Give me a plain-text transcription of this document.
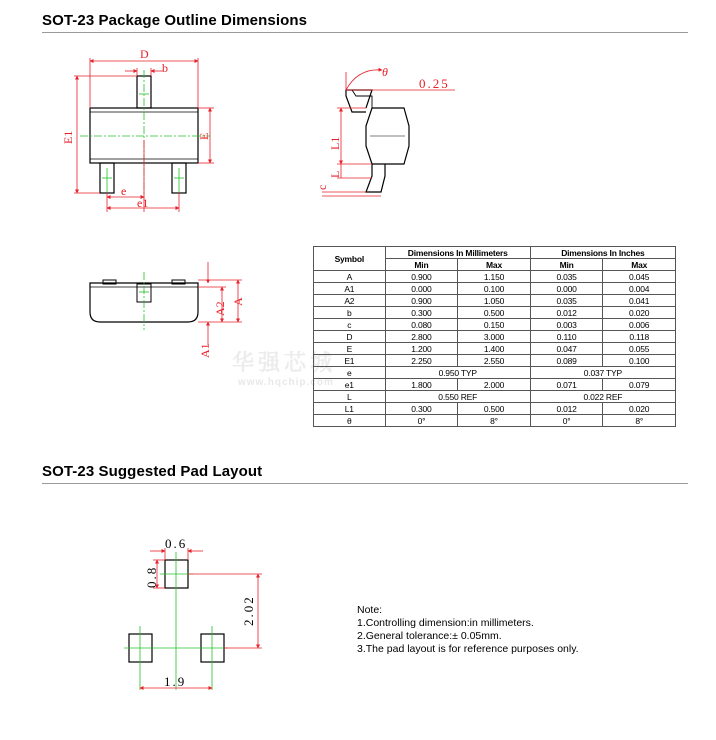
SOT-23 Package Outline Dimensions
SOT-23 Suggested Pad Layout
华强芯城
www.hqchip.com
D
b
E1	E
e
e1
θ
0.25
L1
L
c
A
A2
A1
0.6
0.8
2.02
1.9
Symbol	Dimensions In Millimeters		Dimensions In Inches	
	Min	Max	Min	Max
A	0.900	1.150	0.035	0.045
A1	0.000	0.100	0.000	0.004
A2	0.900	1.050	0.035	0.041
b	0.300	0.500	0.012	0.020
c	0.080	0.150	0.003	0.006
D	2.800	3.000	0.110	0.118
E	1.200	1.400	0.047	0.055
E1	2.250	2.550	0.089	0.100
e	0.950 TYP		0.037 TYP	
e1	1.800	2.000	0.071	0.079
L	0.550 REF		0.022 REF	
L1	0.300	0.500	0.012	0.020
θ	0°	8°	0°	8°
Note:
1.Controlling dimension:in millimeters.
2.General tolerance:± 0.05mm.
3.The pad layout is for reference purposes only.
